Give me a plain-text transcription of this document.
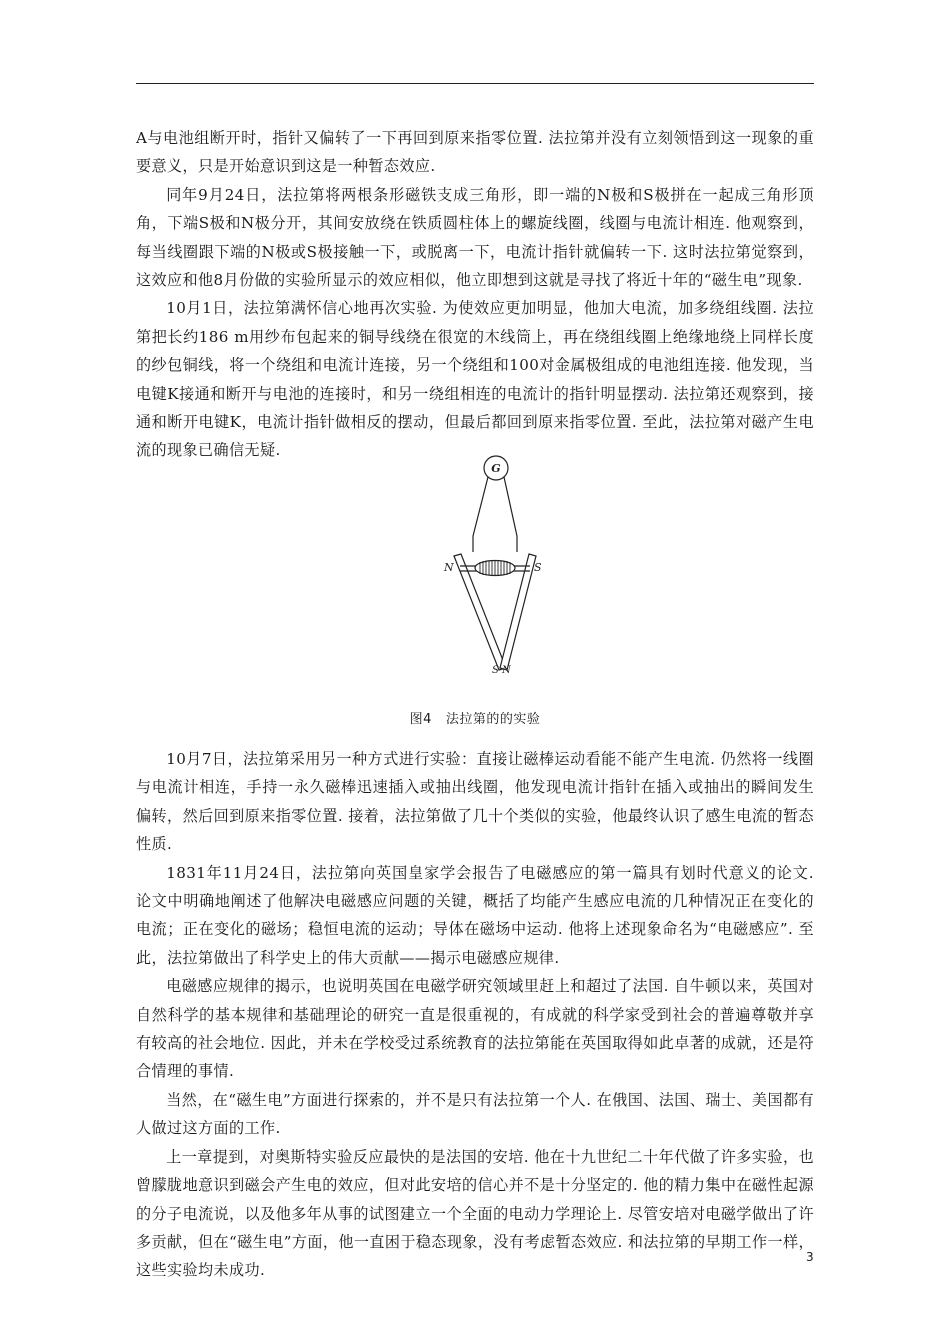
A与电池组断开时，指针又偏转了一下再回到原来指零位置. 法拉第并没有立刻领悟到这一现象的重要意义，只是开始意识到这是一种暂态效应.

同年9月24日，法拉第将两根条形磁铁支成三角形，即一端的N极和S极拼在一起成三角形顶角，下端S极和N极分开，其间安放绕在铁质圆柱体上的螺旋线圈，线圈与电流计相连. 他观察到，每当线圈跟下端的N极或S极接触一下，或脱离一下，电流计指针就偏转一下. 这时法拉第觉察到，这效应和他8月份做的实验所显示的效应相似，他立即想到这就是寻找了将近十年的“磁生电”现象.

10月1日，法拉第满怀信心地再次实验. 为使效应更加明显，他加大电流，加多绕组线圈. 法拉第把长约186 m用纱布包起来的铜导线绕在很宽的木线筒上，再在绕组线圈上绝缘地绕上同样长度的纱包铜线，将一个绕组和电流计连接，另一个绕组和100对金属极组成的电池组连接. 他发现，当电键K接通和断开与电池的连接时，和另一绕组相连的电流计的指针明显摆动. 法拉第还观察到，接通和断开电键K，电流计指针做相反的摆动，但最后都回到原来指零位置. 至此，法拉第对磁产生电流的现象已确信无疑.

G
N	S
S N
图4 法拉第的的实验

10月7日，法拉第采用另一种方式进行实验：直接让磁棒运动看能不能产生电流. 仍然将一线圈与电流计相连，手持一永久磁棒迅速插入或抽出线圈，他发现电流计指针在插入或抽出的瞬间发生偏转，然后回到原来指零位置. 接着，法拉第做了几十个类似的实验，他最终认识了感生电流的暂态性质.

1831年11月24日，法拉第向英国皇家学会报告了电磁感应的第一篇具有划时代意义的论文. 论文中明确地阐述了他解决电磁感应问题的关键，概括了均能产生感应电流的几种情况正在变化的电流；正在变化的磁场；稳恒电流的运动；导体在磁场中运动. 他将上述现象命名为“电磁感应”. 至此，法拉第做出了科学史上的伟大贡献——揭示电磁感应规律.

电磁感应规律的揭示，也说明英国在电磁学研究领域里赶上和超过了法国. 自牛顿以来，英国对自然科学的基本规律和基础理论的研究一直是很重视的，有成就的科学家受到社会的普遍尊敬并享有较高的社会地位. 因此，并未在学校受过系统教育的法拉第能在英国取得如此卓著的成就，还是符合情理的事情.

当然，在“磁生电”方面进行探索的，并不是只有法拉第一个人. 在俄国、法国、瑞士、美国都有人做过这方面的工作.

上一章提到，对奥斯特实验反应最快的是法国的安培. 他在十九世纪二十年代做了许多实验，也曾朦胧地意识到磁会产生电的效应，但对此安培的信心并不是十分坚定的. 他的精力集中在磁性起源的分子电流说，以及他多年从事的试图建立一个全面的电动力学理论上. 尽管安培对电磁学做出了许多贡献，但在“磁生电”方面，他一直困于稳态现象，没有考虑暂态效应. 和法拉第的早期工作一样，这些实验均未成功.

3
